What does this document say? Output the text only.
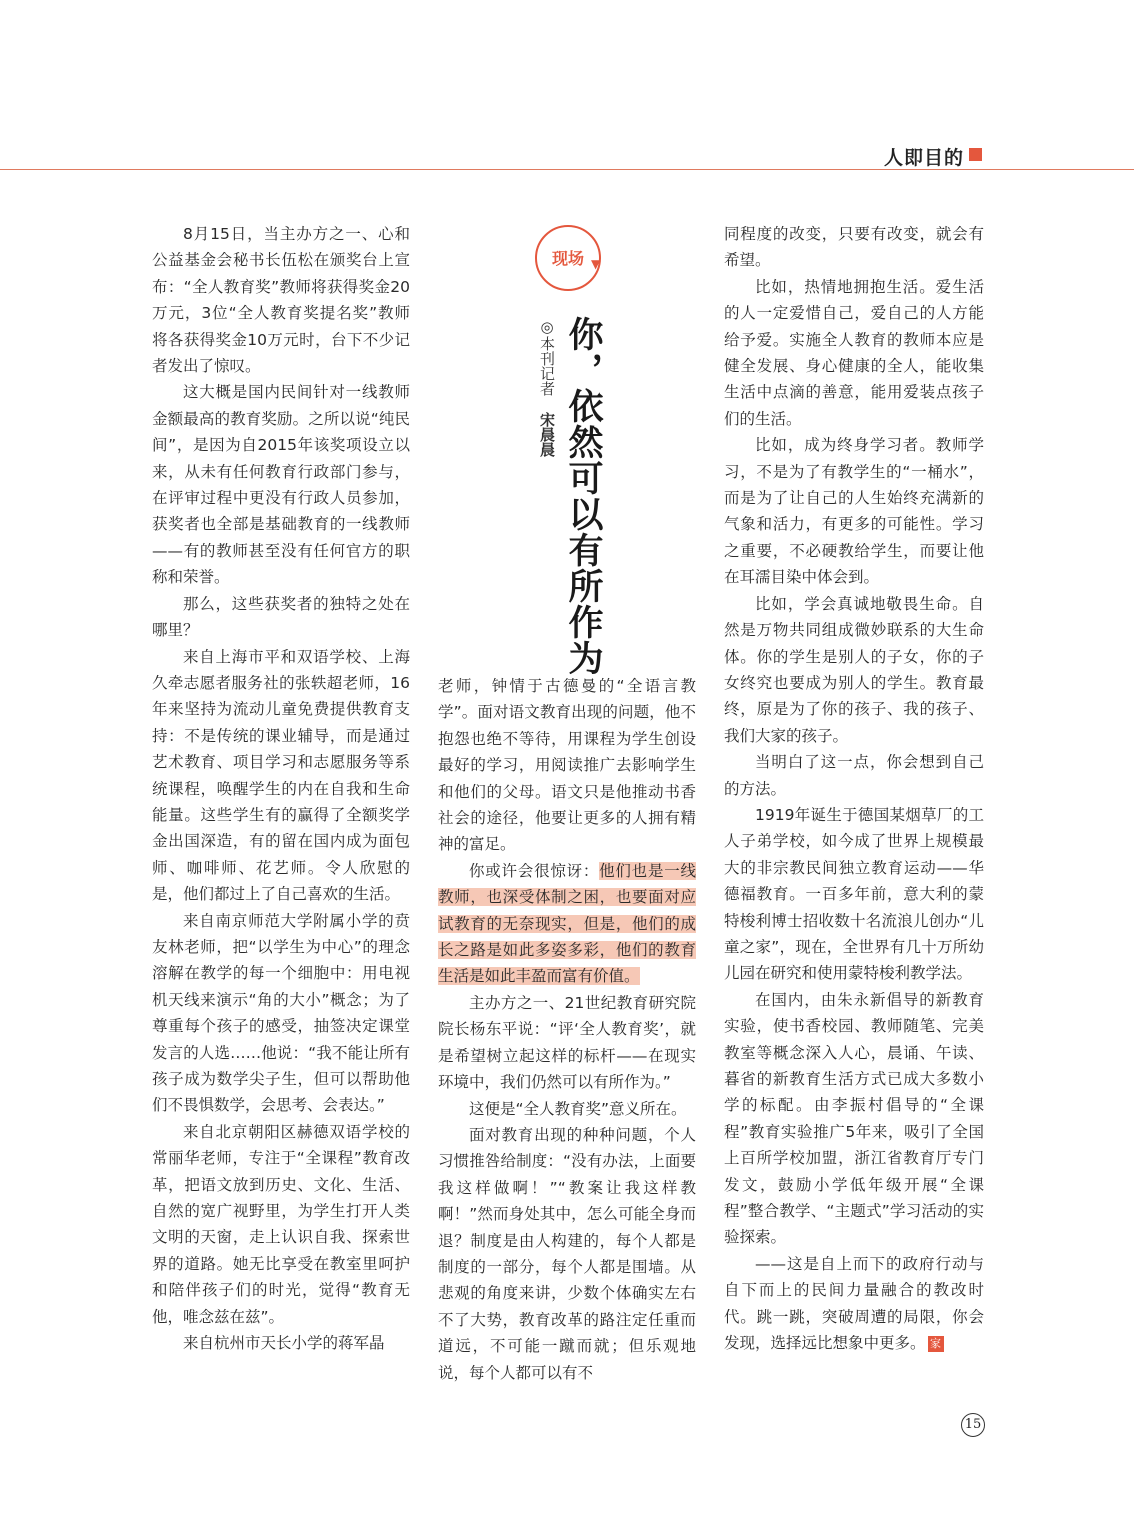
人即目的

8月15日，当主办方之一、心和公益基金会秘书长伍松在颁奖台上宣布：“全人教育奖”教师将获得奖金20万元，3位“全人教育奖提名奖”教师将各获得奖金10万元时，台下不少记者发出了惊叹。

这大概是国内民间针对一线教师金额最高的教育奖励。之所以说“纯民间”，是因为自2015年该奖项设立以来，从未有任何教育行政部门参与，在评审过程中更没有行政人员参加，获奖者也全部是基础教育的一线教师——有的教师甚至没有任何官方的职称和荣誉。

那么，这些获奖者的独特之处在哪里？

来自上海市平和双语学校、上海久牵志愿者服务社的张轶超老师，16年来坚持为流动儿童免费提供教育支持：不是传统的课业辅导，而是通过艺术教育、项目学习和志愿服务等系统课程，唤醒学生的内在自我和生命能量。这些学生有的赢得了全额奖学金出国深造，有的留在国内成为面包师、咖啡师、花艺师。令人欣慰的是，他们都过上了自己喜欢的生活。

来自南京师范大学附属小学的贲友林老师，把“以学生为中心”的理念溶解在教学的每一个细胞中：用电视机天线来演示“角的大小”概念；为了尊重每个孩子的感受，抽签决定课堂发言的人选……他说：“我不能让所有孩子成为数学尖子生，但可以帮助他们不畏惧数学，会思考、会表达。”

来自北京朝阳区赫德双语学校的常丽华老师，专注于“全课程”教育改革，把语文放到历史、文化、生活、自然的宽广视野里，为学生打开人类文明的天窗，走上认识自我、探索世界的道路。她无比享受在教室里呵护和陪伴孩子们的时光，觉得“教育无他，唯念兹在兹”。

来自杭州市天长小学的蒋军晶

现场 ▼
你，依然可以有所作为
◎本刊记者宋晨晨

老师，钟情于古德曼的“全语言教学”。面对语文教育出现的问题，他不抱怨也绝不等待，用课程为学生创设最好的学习，用阅读推广去影响学生和他们的父母。语文只是他推动书香社会的途径，他要让更多的人拥有精神的富足。

你或许会很惊讶：他们也是一线教师，也深受体制之困，也要面对应试教育的无奈现实，但是，他们的成长之路是如此多姿多彩，他们的教育生活是如此丰盈而富有价值。

主办方之一、21世纪教育研究院院长杨东平说：“评‘全人教育奖’，就是希望树立起这样的标杆——在现实环境中，我们仍然可以有所作为。”

这便是“全人教育奖”意义所在。

面对教育出现的种种问题，个人习惯推咎给制度：“没有办法，上面要我这样做啊！”“教案让我这样教啊！”然而身处其中，怎么可能全身而退？制度是由人构建的，每个人都是制度的一部分，每个人都是围墙。从悲观的角度来讲，少数个体确实左右不了大势，教育改革的路注定任重而道远，不可能一蹴而就；但乐观地说，每个人都可以有不

同程度的改变，只要有改变，就会有希望。

比如，热情地拥抱生活。爱生活的人一定爱惜自己，爱自己的人方能给予爱。实施全人教育的教师本应是健全发展、身心健康的全人，能收集生活中点滴的善意，能用爱装点孩子们的生活。

比如，成为终身学习者。教师学习，不是为了有教学生的“一桶水”，而是为了让自己的人生始终充满新的气象和活力，有更多的可能性。学习之重要，不必硬教给学生，而要让他在耳濡目染中体会到。

比如，学会真诚地敬畏生命。自然是万物共同组成微妙联系的大生命体。你的学生是别人的子女，你的子女终究也要成为别人的学生。教育最终，原是为了你的孩子、我的孩子、我们大家的孩子。

当明白了这一点，你会想到自己的方法。

1919年诞生于德国某烟草厂的工人子弟学校，如今成了世界上规模最大的非宗教民间独立教育运动——华德福教育。一百多年前，意大利的蒙特梭利博士招收数十名流浪儿创办“儿童之家”，现在，全世界有几十万所幼儿园在研究和使用蒙特梭利教学法。

在国内，由朱永新倡导的新教育实验，使书香校园、教师随笔、完美教室等概念深入人心，晨诵、午读、暮省的新教育生活方式已成大多数小学的标配。由李振村倡导的“全课程”教育实验推广5年来，吸引了全国上百所学校加盟，浙江省教育厅专门发文，鼓励小学低年级开展“全课程”整合教学、“主题式”学习活动的实验探索。

——这是自上而下的政府行动与自下而上的民间力量融合的教改时代。跳一跳，突破周遭的局限，你会发现，选择远比想象中更多。 家

15
